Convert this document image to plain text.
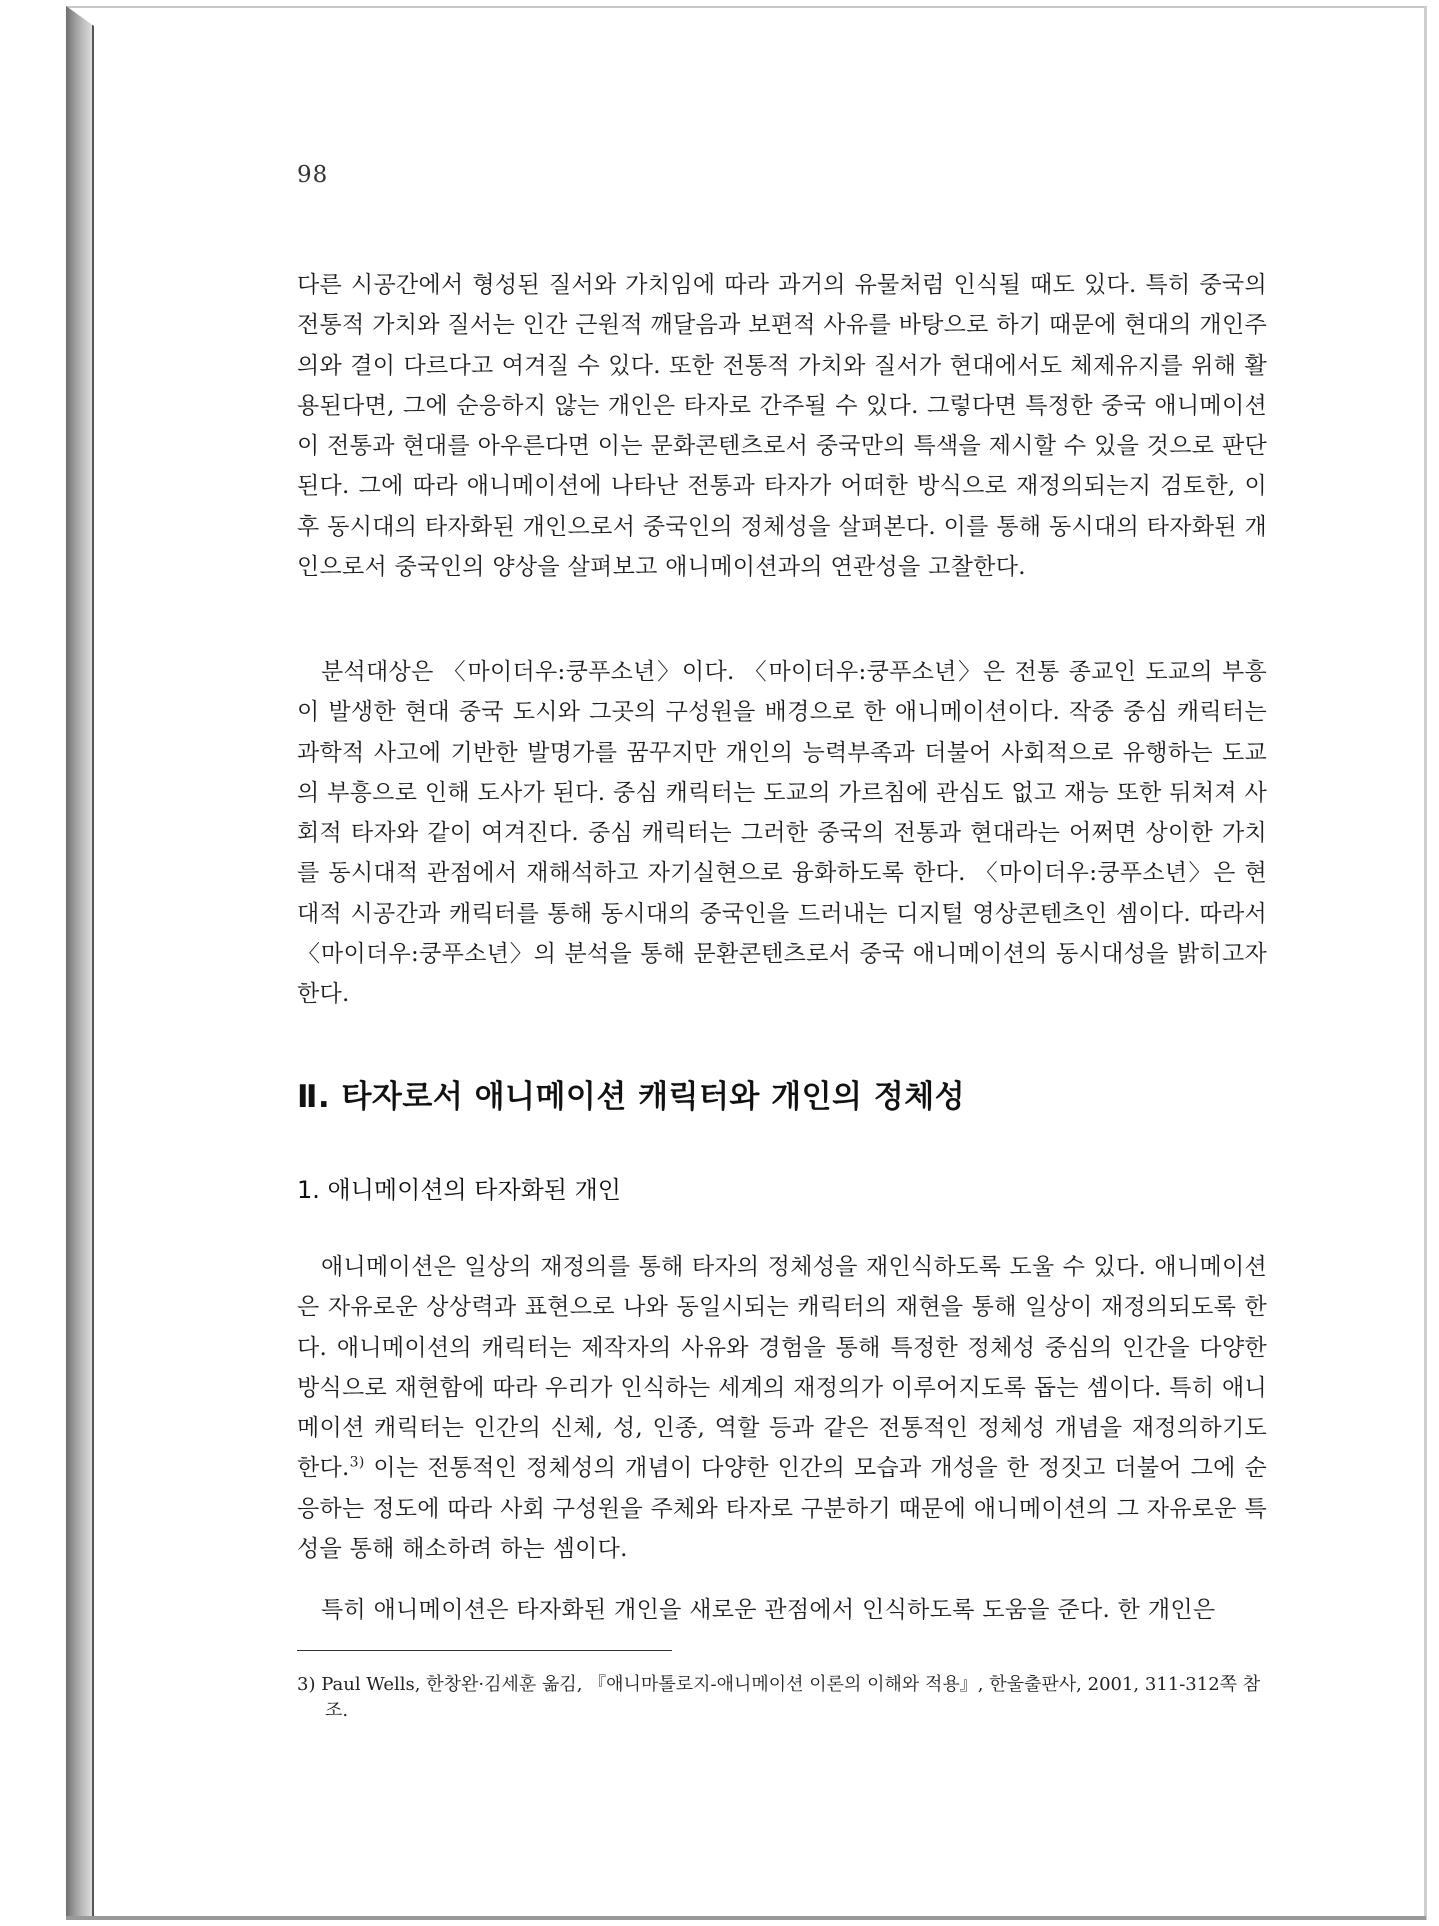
98
다른 시공간에서 형성된 질서와 가치임에 따라 과거의 유물처럼 인식될 때도 있다. 특히 중국의 전통적 가치와 질서는 인간 근원적 깨달음과 보편적 사유를 바탕으로 하기 때문에 현대의 개인주의와 결이 다르다고 여겨질 수 있다. 또한 전통적 가치와 질서가 현대에서도 체제유지를 위해 활용된다면, 그에 순응하지 않는 개인은 타자로 간주될 수 있다. 그렇다면 특정한 중국 애니메이션이 전통과 현대를 아우른다면 이는 문화콘텐츠로서 중국만의 특색을 제시할 수 있을 것으로 판단된다. 그에 따라 애니메이션에 나타난 전통과 타자가 어떠한 방식으로 재정의되는지 검토한, 이후 동시대의 타자화된 개인으로서 중국인의 정체성을 살펴본다. 이를 통해 동시대의 타자화된 개인으로서 중국인의 양상을 살펴보고 애니메이션과의 연관성을 고찰한다.
분석대상은 〈마이더우:쿵푸소년〉이다. 〈마이더우:쿵푸소년〉은 전통 종교인 도교의 부흥이 발생한 현대 중국 도시와 그곳의 구성원을 배경으로 한 애니메이션이다. 작중 중심 캐릭터는 과학적 사고에 기반한 발명가를 꿈꾸지만 개인의 능력부족과 더불어 사회적으로 유행하는 도교의 부흥으로 인해 도사가 된다. 중심 캐릭터는 도교의 가르침에 관심도 없고 재능 또한 뒤처져 사회적 타자와 같이 여겨진다. 중심 캐릭터는 그러한 중국의 전통과 현대라는 어쩌면 상이한 가치를 동시대적 관점에서 재해석하고 자기실현으로 융화하도록 한다. 〈마이더우:쿵푸소년〉은 현대적 시공간과 캐릭터를 통해 동시대의 중국인을 드러내는 디지털 영상콘텐츠인 셈이다. 따라서 〈마이더우:쿵푸소년〉의 분석을 통해 문환콘텐츠로서 중국 애니메이션의 동시대성을 밝히고자 한다.
Ⅱ. 타자로서 애니메이션 캐릭터와 개인의 정체성
1. 애니메이션의 타자화된 개인
애니메이션은 일상의 재정의를 통해 타자의 정체성을 재인식하도록 도울 수 있다. 애니메이션은 자유로운 상상력과 표현으로 나와 동일시되는 캐릭터의 재현을 통해 일상이 재정의되도록 한다. 애니메이션의 캐릭터는 제작자의 사유와 경험을 통해 특정한 정체성 중심의 인간을 다양한 방식으로 재현함에 따라 우리가 인식하는 세계의 재정의가 이루어지도록 돕는 셈이다. 특히 애니메이션 캐릭터는 인간의 신체, 성, 인종, 역할 등과 같은 전통적인 정체성 개념을 재정의하기도 한다.$^{3)}$ 이는 전통적인 정체성의 개념이 다양한 인간의 모습과 개성을 한 정짓고 더불어 그에 순응하는 정도에 따라 사회 구성원을 주체와 타자로 구분하기 때문에 애니메이션의 그 자유로운 특성을 통해 해소하려 하는 셈이다.
특히 애니메이션은 타자화된 개인을 새로운 관점에서 인식하도록 도움을 준다. 한 개인은
3) Paul Wells, 한창완·김세훈 옮김, 『애니마톨로지-애니메이션 이론의 이해와 적용』, 한울출판사, 2001, 311-312쪽 참조.
